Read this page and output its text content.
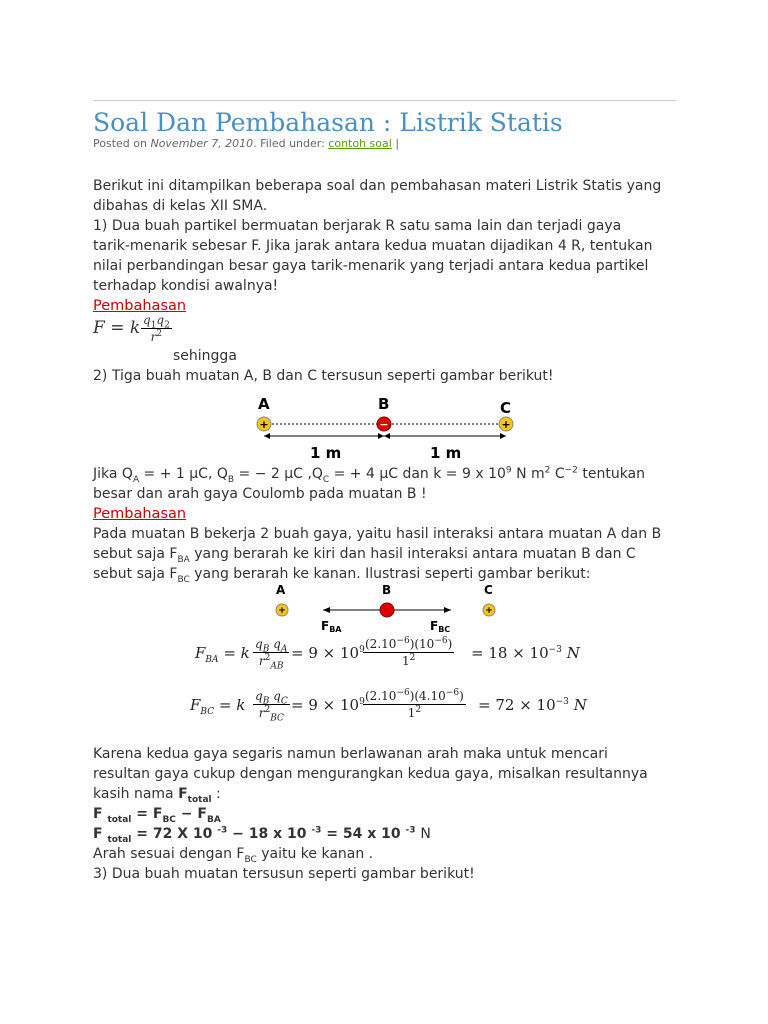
Soal Dan Pembahasan : Listrik Statis
Posted on November 7, 2010. Filed under: contoh soal |
Berikut ini ditampilkan beberapa soal dan pembahasan materi Listrik Statis yang
dibahas di kelas XII SMA.
1) Dua buah partikel bermuatan berjarak R satu sama lain dan terjadi gaya
tarik-menarik sebesar F. Jika jarak antara kedua muatan dijadikan 4 R, tentukan
nilai perbandingan besar gaya tarik-menarik yang terjadi antara kedua partikel
terhadap kondisi awalnya!
Pembahasan
F = k $\frac{q_1q_2}{r^2}$
sehingga
2) Tiga buah muatan A, B dan C tersusun seperti gambar berikut!
A	B	C
+	−	+
1 m	1 m
Jika $Q_A$ = + 1 μC, $Q_B$ = − 2 μC $,Q_C$ = + 4 μC dan k = 9 x $10^9$ N $m^2$ $C^{-2}$ tentukan
besar dan arah gaya Coulomb pada muatan B !
Pembahasan
Pada muatan B bekerja 2 buah gaya, yaitu hasil interaksi antara muatan A dan B
sebut saja $F_{BA}$ yang berarah ke kiri dan hasil interaksi antara muatan B dan C
sebut saja $F_{BC}$ yang berarah ke kanan. Ilustrasi seperti gambar berikut:
A	B	C
+	+
FBA	FBC
$F_{BA} = k \frac{q_B q_A}{r^2_{AB}} = 9 \times 10^9$
$\frac{(2.10^{-6})(10^{-6})}{1^2} = 18 \times 10^{-3}$ N
$F_{BC} = k \frac{q_B q_C}{r^2_{BC}} = 9 \times 10^9$
$\frac{(2.10^{-6})(4.10^{-6})}{1^2} = 72 \times 10^{-3}$ N
Karena kedua gaya segaris namun berlawanan arah maka untuk mencari
resultan gaya cukup dengan mengurangkan kedua gaya, misalkan resultannya
kasih nama $F_{total}$ :
F $_{total} = F_{BC} - F_{BA}$
F $_{total}$ = 72 X 10 $^{-3}$ − 18 x 10 $^{-3}$ = 54 x 10 $^{-3}$ N
Arah sesuai dengan $F_{BC}$ yaitu ke kanan .
3) Dua buah muatan tersusun seperti gambar berikut!
